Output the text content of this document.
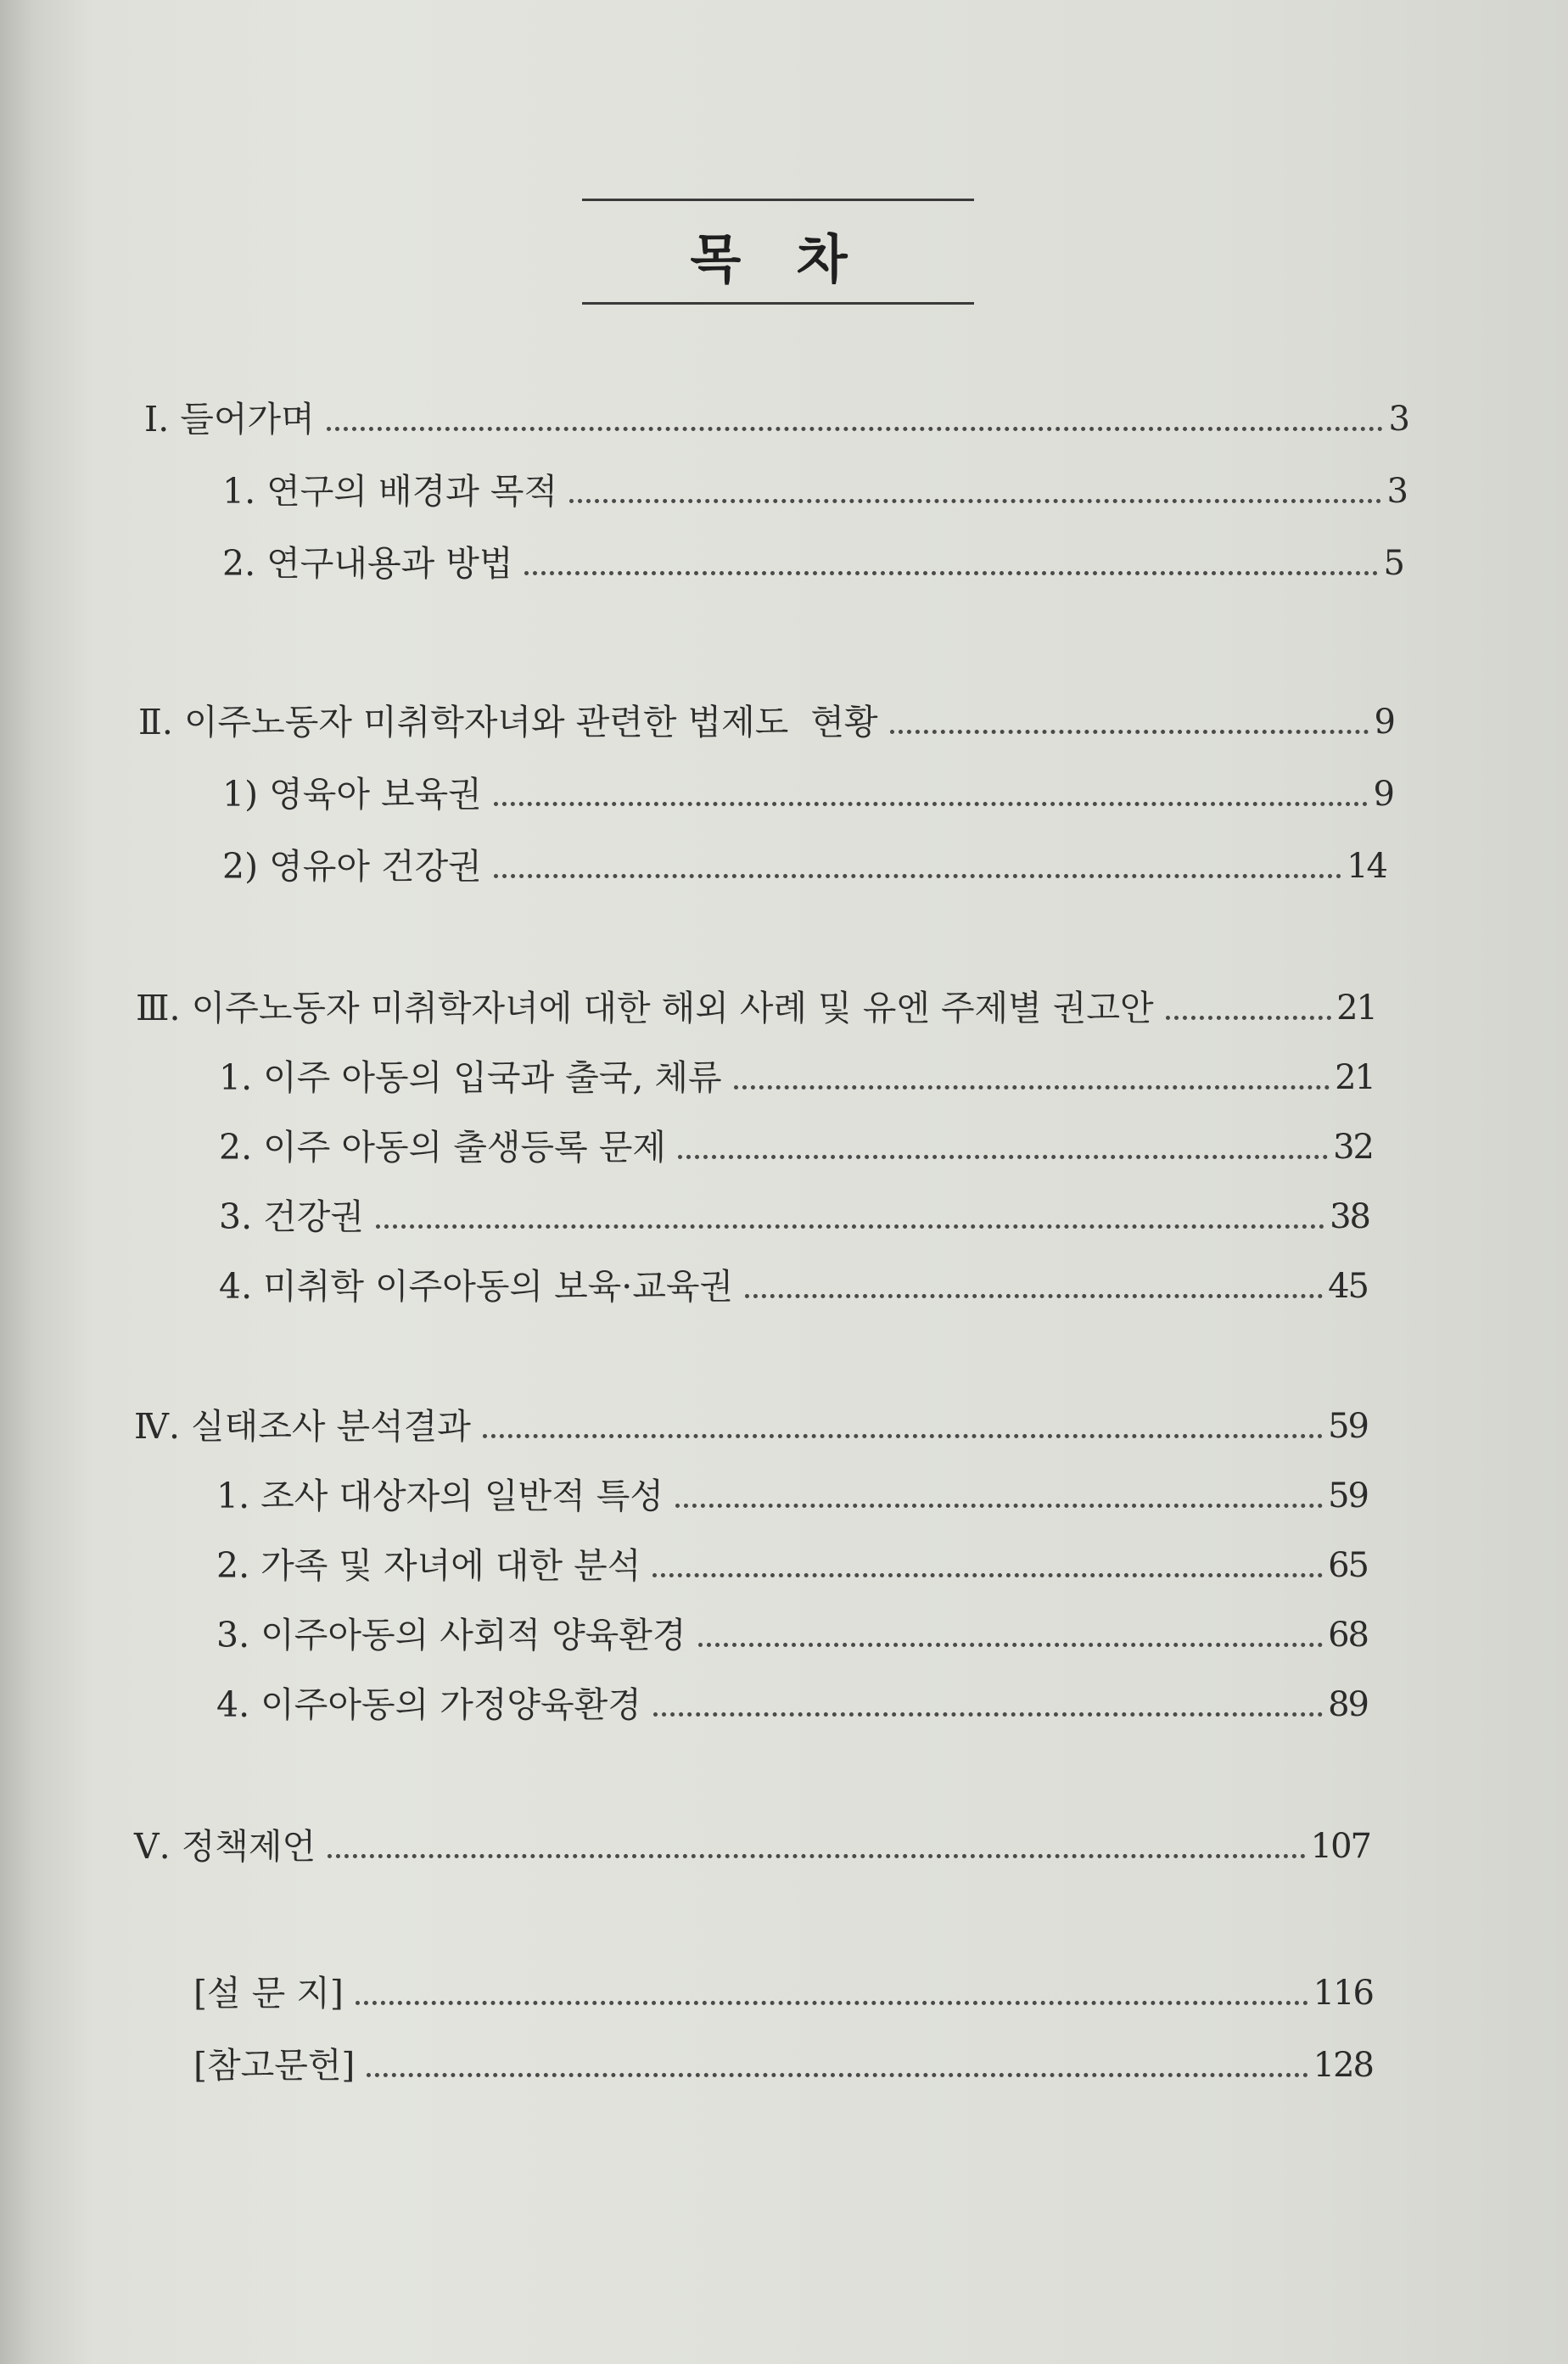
목 차
Ⅰ. 들어가며	3
1. 연구의 배경과 목적	3
2. 연구내용과 방법	5
Ⅱ. 이주노동자 미취학자녀와 관련한 법제도  현황	9
1) 영육아 보육권	9
2) 영유아 건강권	14
Ⅲ. 이주노동자 미취학자녀에 대한 해외 사례 및 유엔 주제별 권고안	21
1. 이주 아동의 입국과 출국, 체류	21
2. 이주 아동의 출생등록 문제	32
3. 건강권	38
4. 미취학 이주아동의 보육·교육권	45
Ⅳ. 실태조사 분석결과	59
1. 조사 대상자의 일반적 특성	59
2. 가족 및 자녀에 대한 분석	65
3. 이주아동의 사회적 양육환경	68
4. 이주아동의 가정양육환경	89
Ⅴ. 정책제언	107
[설 문 지]	116
[참고문헌]	128
